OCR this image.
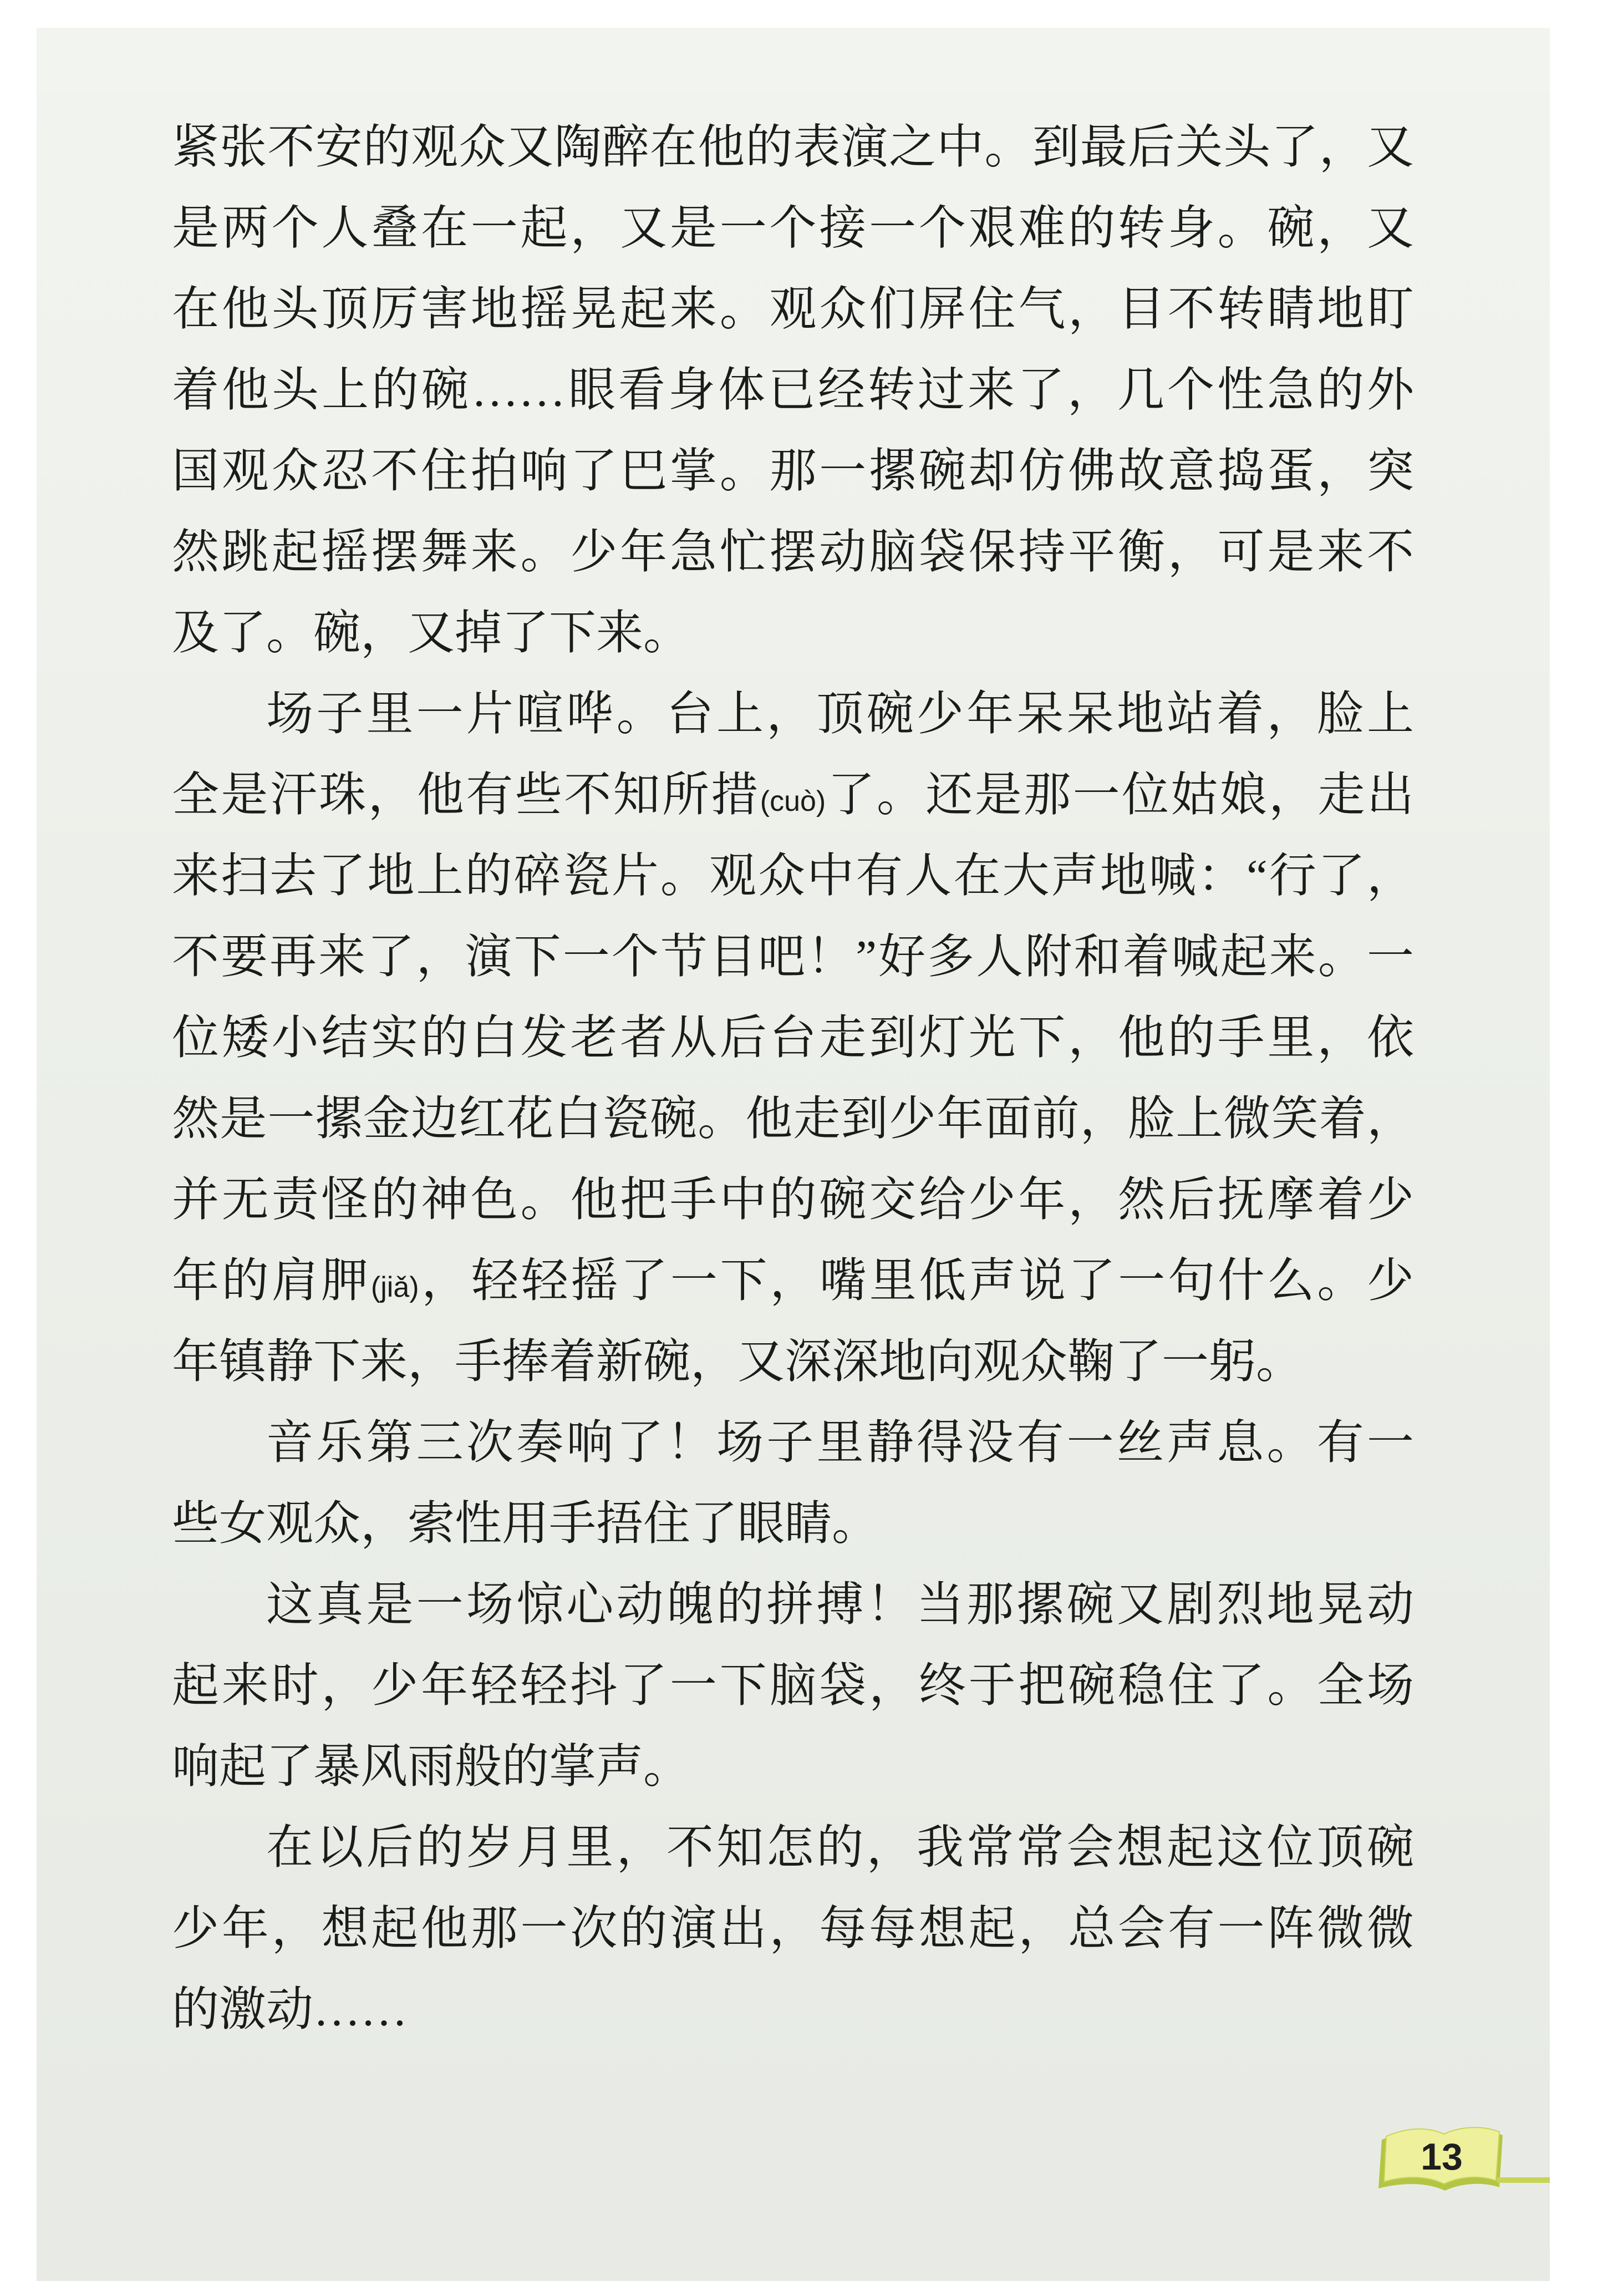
紧张不安的观众又陶醉在他的表演之中。到最后关头了，又
是两个人叠在一起，又是一个接一个艰难的转身。碗，又
在他头顶厉害地摇晃起来。观众们屏住气，目不转睛地盯
着他头上的碗……眼看身体已经转过来了，几个性急的外
国观众忍不住拍响了巴掌。那一摞碗却仿佛故意捣蛋，突
然跳起摇摆舞来。少年急忙摆动脑袋保持平衡，可是来不
及了。碗，又掉了下来。
场子里一片喧哗。台上，顶碗少年呆呆地站着，脸上
全是汗珠，他有些不知所措(cuò)了。还是那一位姑娘，走出
来扫去了地上的碎瓷片。观众中有人在大声地喊：“行了，
不要再来了，演下一个节目吧！”好多人附和着喊起来。一
位矮小结实的白发老者从后台走到灯光下，他的手里，依
然是一摞金边红花白瓷碗。他走到少年面前，脸上微笑着，
并无责怪的神色。他把手中的碗交给少年，然后抚摩着少
年的肩胛(jiǎ)，轻轻摇了一下，嘴里低声说了一句什么。少
年镇静下来，手捧着新碗，又深深地向观众鞠了一躬。
音乐第三次奏响了！场子里静得没有一丝声息。有一
些女观众，索性用手捂住了眼睛。
这真是一场惊心动魄的拼搏！当那摞碗又剧烈地晃动
起来时，少年轻轻抖了一下脑袋，终于把碗稳住了。全场
响起了暴风雨般的掌声。
在以后的岁月里，不知怎的，我常常会想起这位顶碗
少年，想起他那一次的演出，每每想起，总会有一阵微微
的激动……
13
